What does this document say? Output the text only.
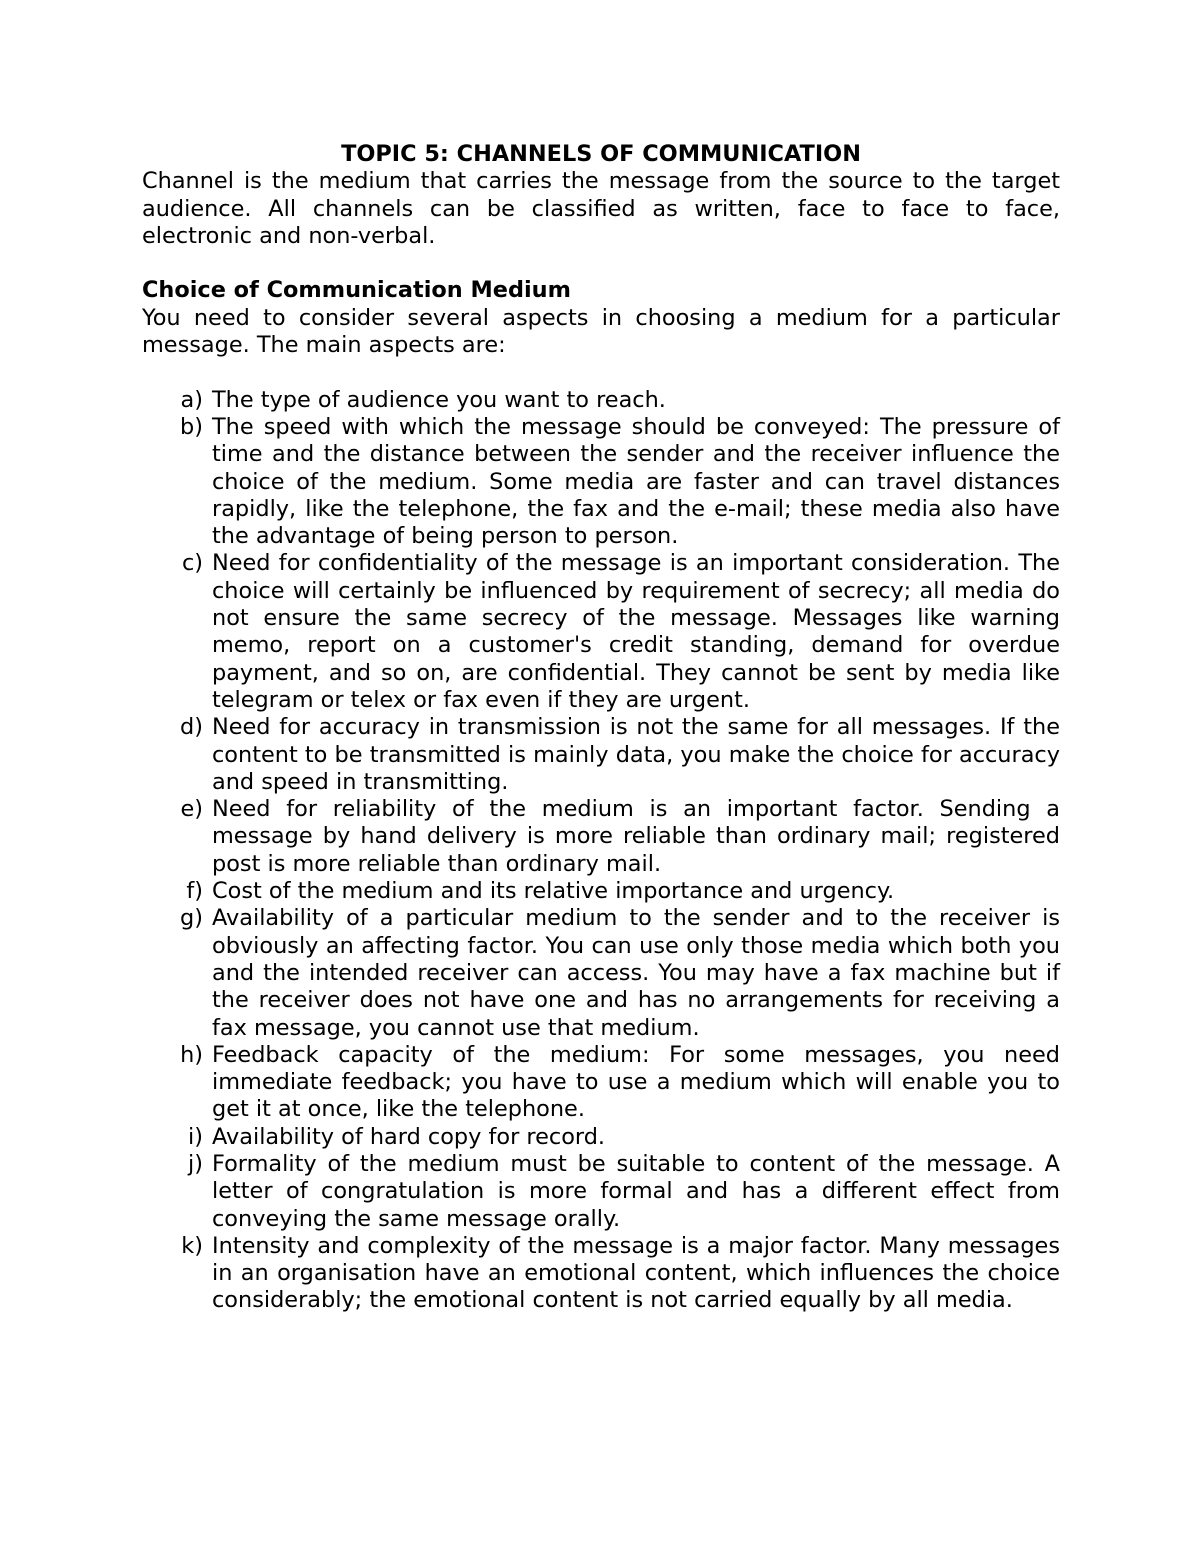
TOPIC 5: CHANNELS OF COMMUNICATION

Channel is the medium that carries the message from the source to the target audience. All channels can be classified as written, face to face to face, electronic and non-verbal.

Choice of Communication Medium

You need to consider several aspects in choosing a medium for a particular message. The main aspects are:

a) The type of audience you want to reach.
b) The speed with which the message should be conveyed: The pressure of time and the distance between the sender and the receiver influence the choice of the medium. Some media are faster and can travel distances rapidly, like the telephone, the fax and the e-mail; these media also have the advantage of being person to person.
c) Need for confidentiality of the message is an important consideration. The choice will certainly be influenced by requirement of secrecy; all media do not ensure the same secrecy of the message. Messages like warning memo, report on a customer's credit standing, demand for overdue payment, and so on, are confidential. They cannot be sent by media like telegram or telex or fax even if they are urgent.
d) Need for accuracy in transmission is not the same for all messages. If the content to be transmitted is mainly data, you make the choice for accuracy and speed in transmitting.
e) Need for reliability of the medium is an important factor. Sending a message by hand delivery is more reliable than ordinary mail; registered post is more reliable than ordinary mail.
f) Cost of the medium and its relative importance and urgency.
g) Availability of a particular medium to the sender and to the receiver is obviously an affecting factor. You can use only those media which both you and the intended receiver can access. You may have a fax machine but if the receiver does not have one and has no arrangements for receiving a fax message, you cannot use that medium.
h) Feedback capacity of the medium: For some messages, you need immediate feedback; you have to use a medium which will enable you to get it at once, like the telephone.
i) Availability of hard copy for record.
j) Formality of the medium must be suitable to content of the message. A letter of congratulation is more formal and has a different effect from conveying the same message orally.
k) Intensity and complexity of the message is a major factor. Many messages in an organisation have an emotional content, which influences the choice considerably; the emotional content is not carried equally by all media.
